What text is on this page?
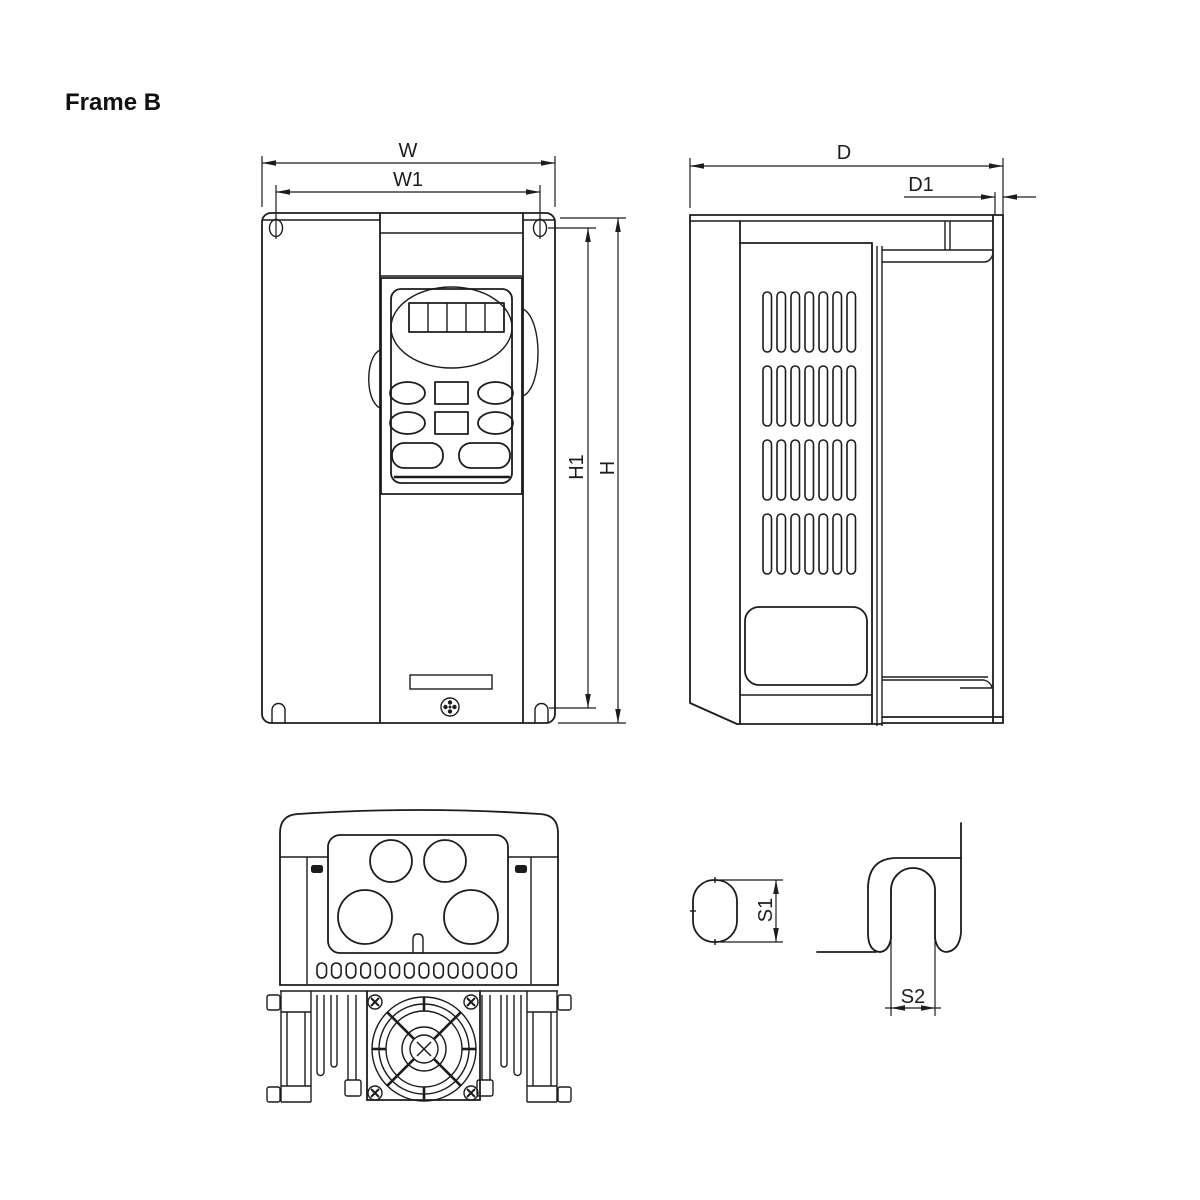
Frame B
W
W1
H1 H
D
D1
S1
S2
